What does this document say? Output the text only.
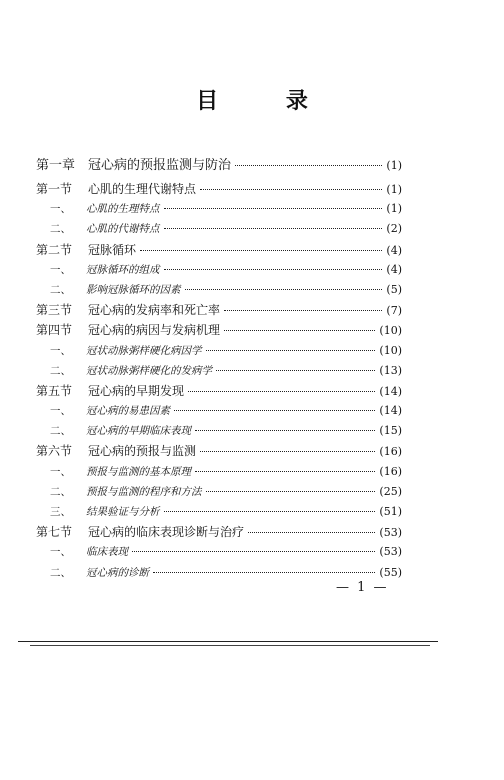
目 录
第一章 冠心病的预报监测与防治	(1)
第一节	心肌的生理代谢特点	(1)
一、	心肌的生理特点	(1)
二、	心肌的代谢特点	(2)
第二节	冠脉循环	(4)
一、	冠脉循环的组成	(4)
二、	影响冠脉循环的因素	(5)
第三节	冠心病的发病率和死亡率	(7)
第四节	冠心病的病因与发病机理	(10)
一、	冠状动脉粥样硬化病因学	(10)
二、	冠状动脉粥样硬化的发病学	(13)
第五节	冠心病的早期发现	(14)
一、	冠心病的易患因素	(14)
二、	冠心病的早期临床表现	(15)
第六节	冠心病的预报与监测	(16)
一、	预报与监测的基本原理	(16)
二、	预报与监测的程序和方法	(25)
三、	结果验证与分析	(51)
第七节	冠心病的临床表现诊断与治疗	(53)
一、	临床表现	(53)
二、	冠心病的诊断	(55)
— 1 —
